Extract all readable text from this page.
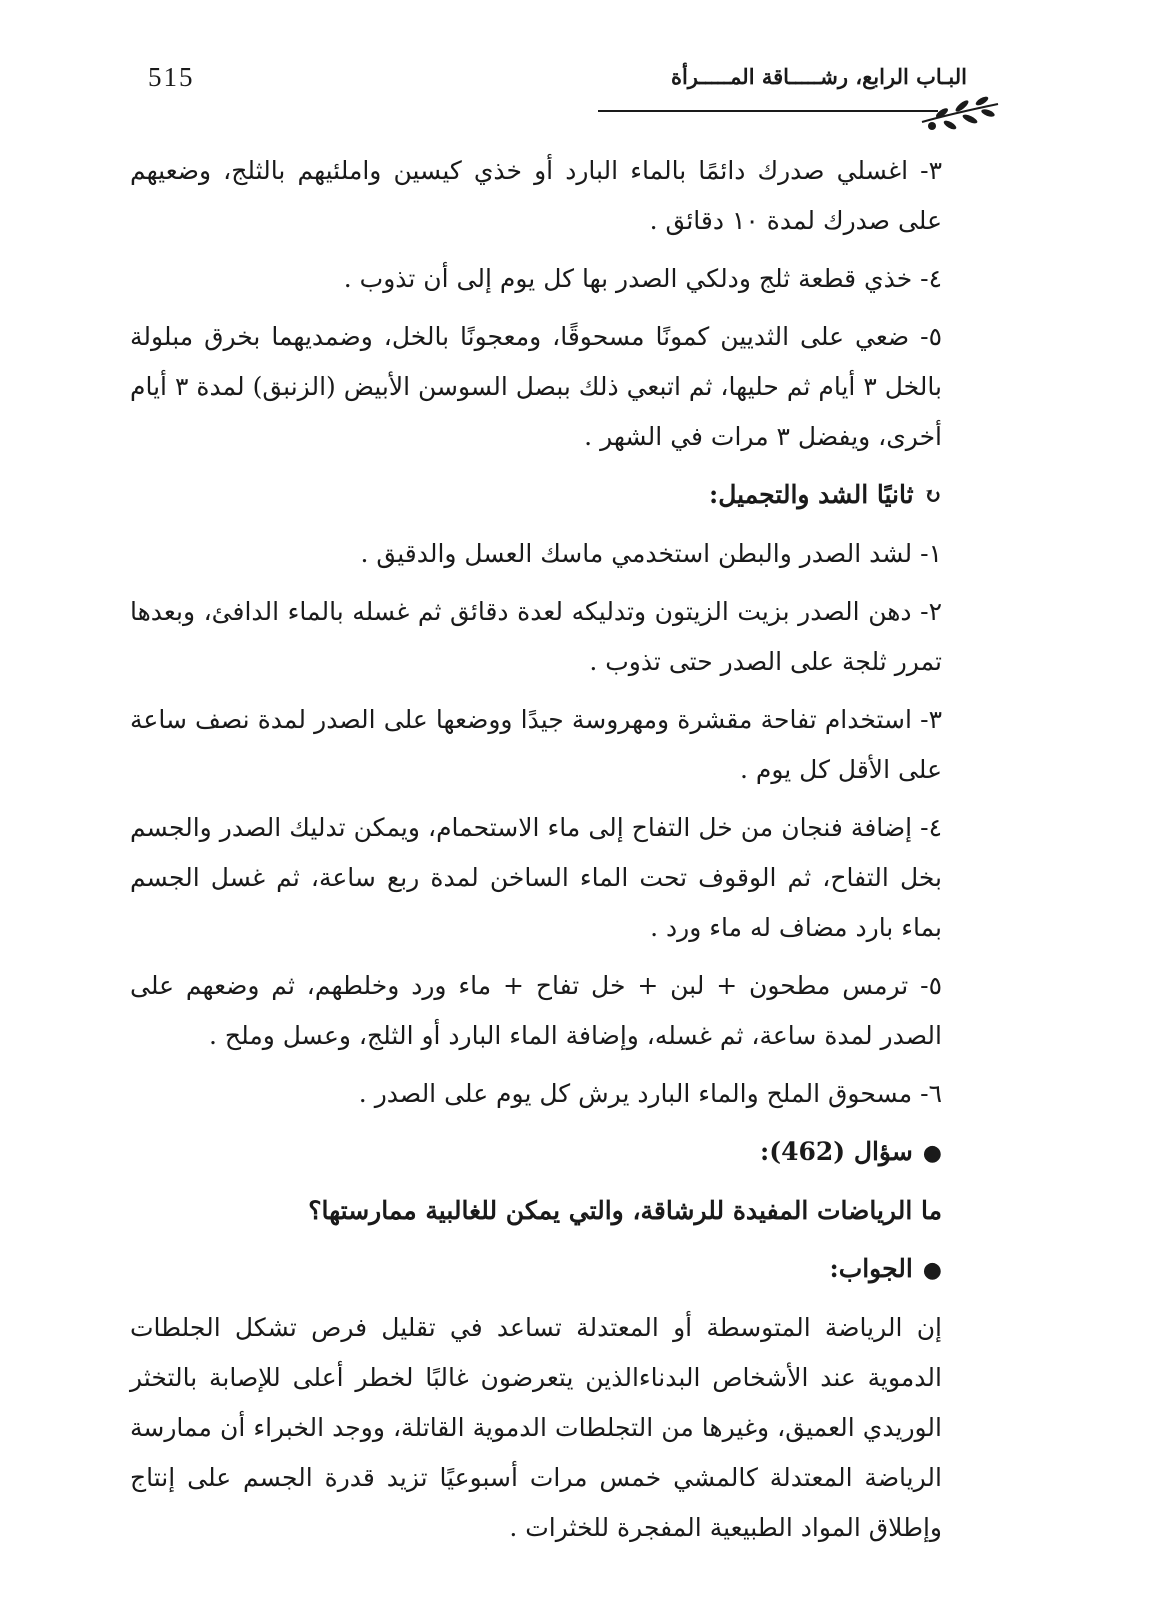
515	البـاب الرابع، رشـــــاقة المـــــرأة
٣- اغسلي صدرك دائمًا بالماء البارد أو خذي كيسين واملئيهم بالثلج، وضعيهم على صدرك لمدة ١٠ دقائق .
٤- خذي قطعة ثلج ودلكي الصدر بها كل يوم إلى أن تذوب .
٥- ضعي على الثديين كمونًا مسحوقًا، ومعجونًا بالخل، وضمديهما بخرق مبلولة بالخل ٣ أيام ثم حليها، ثم اتبعي ذلك ببصل السوسن الأبيض (الزنبق) لمدة ٣ أيام أخرى، ويفضل ٣ مرات في الشهر .
↻ثانيًا الشد والتجميل:
١- لشد الصدر والبطن استخدمي ماسك العسل والدقيق .
٢- دهن الصدر بزيت الزيتون وتدليكه لعدة دقائق ثم غسله بالماء الدافئ، وبعدها تمرر ثلجة على الصدر حتى تذوب .
٣- استخدام تفاحة مقشرة ومهروسة جيدًا ووضعها على الصدر لمدة نصف ساعة على الأقل كل يوم .
٤- إضافة فنجان من خل التفاح إلى ماء الاستحمام، ويمكن تدليك الصدر والجسم بخل التفاح، ثم الوقوف تحت الماء الساخن لمدة ربع ساعة، ثم غسل الجسم بماء بارد مضاف له ماء ورد .
٥- ترمس مطحون + لبن + خل تفاح + ماء ورد وخلطهم، ثم وضعهم على الصدر لمدة ساعة، ثم غسله، وإضافة الماء البارد أو الثلج، وعسل وملح .
٦- مسحوق الملح والماء البارد يرش كل يوم على الصدر .
●سؤال (462):
ما الرياضات المفيدة للرشاقة، والتي يمكن للغالبية ممارستها؟
●الجواب:
إن الرياضة المتوسطة أو المعتدلة تساعد في تقليل فرص تشكل الجلطات الدموية عند الأشخاص البدناءالذين يتعرضون غالبًا لخطر أعلى للإصابة بالتخثر الوريدي العميق، وغيرها من التجلطات الدموية القاتلة، ووجد الخبراء أن ممارسة الرياضة المعتدلة كالمشي خمس مرات أسبوعيًا تزيد قدرة الجسم على إنتاج وإطلاق المواد الطبيعية المفجرة للخثرات .
